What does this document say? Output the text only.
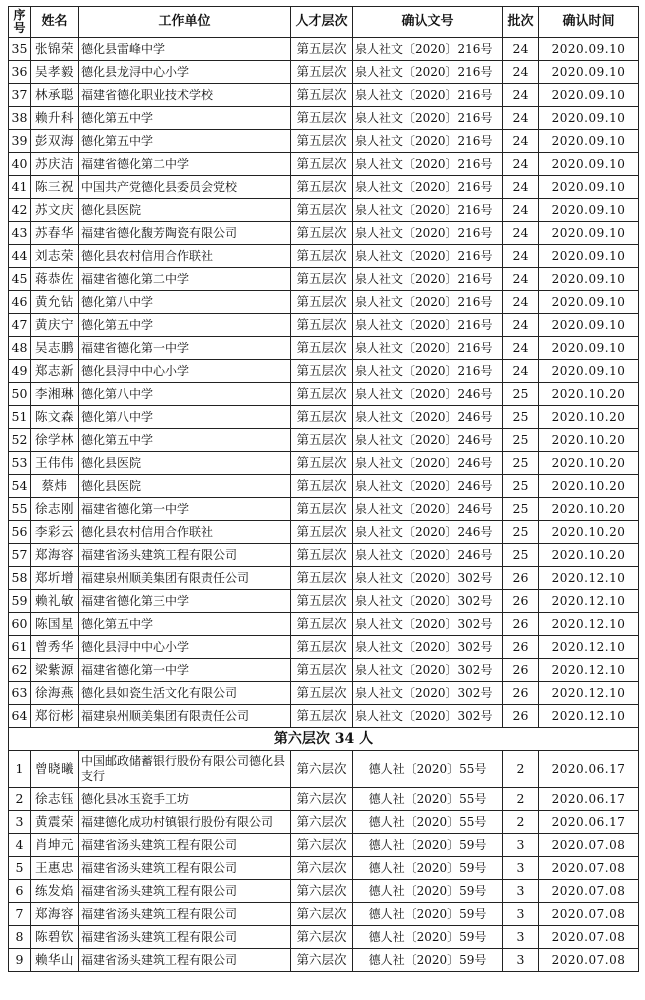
序号	姓名	工作单位	人才层次	确认文号	批次	确认时间
35	张锦荣	德化县雷峰中学	第五层次	泉人社文〔2020〕216号	24	2020.09.10
36	吴孝毅	德化县龙浔中心小学	第五层次	泉人社文〔2020〕216号	24	2020.09.10
37	林承聪	福建省德化职业技术学校	第五层次	泉人社文〔2020〕216号	24	2020.09.10
38	赖升科	德化第五中学	第五层次	泉人社文〔2020〕216号	24	2020.09.10
39	彭双海	德化第五中学	第五层次	泉人社文〔2020〕216号	24	2020.09.10
40	苏庆洁	福建省德化第二中学	第五层次	泉人社文〔2020〕216号	24	2020.09.10
41	陈三祝	中国共产党德化县委员会党校	第五层次	泉人社文〔2020〕216号	24	2020.09.10
42	苏文庆	德化县医院	第五层次	泉人社文〔2020〕216号	24	2020.09.10
43	苏春华	福建省德化馥芳陶瓷有限公司	第五层次	泉人社文〔2020〕216号	24	2020.09.10
44	刘志荣	德化县农村信用合作联社	第五层次	泉人社文〔2020〕216号	24	2020.09.10
45	蒋恭佐	福建省德化第二中学	第五层次	泉人社文〔2020〕216号	24	2020.09.10
46	黄允钻	德化第八中学	第五层次	泉人社文〔2020〕216号	24	2020.09.10
47	黄庆宁	德化第五中学	第五层次	泉人社文〔2020〕216号	24	2020.09.10
48	吴志鹏	福建省德化第一中学	第五层次	泉人社文〔2020〕216号	24	2020.09.10
49	郑志新	德化县浔中中心小学	第五层次	泉人社文〔2020〕216号	24	2020.09.10
50	李湘琳	德化第八中学	第五层次	泉人社文〔2020〕246号	25	2020.10.20
51	陈文森	德化第八中学	第五层次	泉人社文〔2020〕246号	25	2020.10.20
52	徐学林	德化第五中学	第五层次	泉人社文〔2020〕246号	25	2020.10.20
53	王伟伟	德化县医院	第五层次	泉人社文〔2020〕246号	25	2020.10.20
54	蔡炜	德化县医院	第五层次	泉人社文〔2020〕246号	25	2020.10.20
55	徐志刚	福建省德化第一中学	第五层次	泉人社文〔2020〕246号	25	2020.10.20
56	李彩云	德化县农村信用合作联社	第五层次	泉人社文〔2020〕246号	25	2020.10.20
57	郑海容	福建省汤头建筑工程有限公司	第五层次	泉人社文〔2020〕246号	25	2020.10.20
58	郑圻增	福建泉州顺美集团有限责任公司	第五层次	泉人社文〔2020〕302号	26	2020.12.10
59	赖礼敏	福建省德化第三中学	第五层次	泉人社文〔2020〕302号	26	2020.12.10
60	陈国星	德化第五中学	第五层次	泉人社文〔2020〕302号	26	2020.12.10
61	曾秀华	德化县浔中中心小学	第五层次	泉人社文〔2020〕302号	26	2020.12.10
62	梁紫源	福建省德化第一中学	第五层次	泉人社文〔2020〕302号	26	2020.12.10
63	徐海燕	德化县如瓷生活文化有限公司	第五层次	泉人社文〔2020〕302号	26	2020.12.10
64	郑衍彬	福建泉州顺美集团有限责任公司	第五层次	泉人社文〔2020〕302号	26	2020.12.10
第六层次 34 人						
1	曾晓曦	中国邮政储蓄银行股份有限公司德化县支行	第六层次	德人社〔2020〕55号	2	2020.06.17
2	徐志钰	德化县冰玉瓷手工坊	第六层次	德人社〔2020〕55号	2	2020.06.17
3	黄震荣	福建德化成功村镇银行股份有限公司	第六层次	德人社〔2020〕55号	2	2020.06.17
4	肖坤元	福建省汤头建筑工程有限公司	第六层次	德人社〔2020〕59号	3	2020.07.08
5	王惠忠	福建省汤头建筑工程有限公司	第六层次	德人社〔2020〕59号	3	2020.07.08
6	练发焰	福建省汤头建筑工程有限公司	第六层次	德人社〔2020〕59号	3	2020.07.08
7	郑海容	福建省汤头建筑工程有限公司	第六层次	德人社〔2020〕59号	3	2020.07.08
8	陈碧钦	福建省汤头建筑工程有限公司	第六层次	德人社〔2020〕59号	3	2020.07.08
9	赖华山	福建省汤头建筑工程有限公司	第六层次	德人社〔2020〕59号	3	2020.07.08
